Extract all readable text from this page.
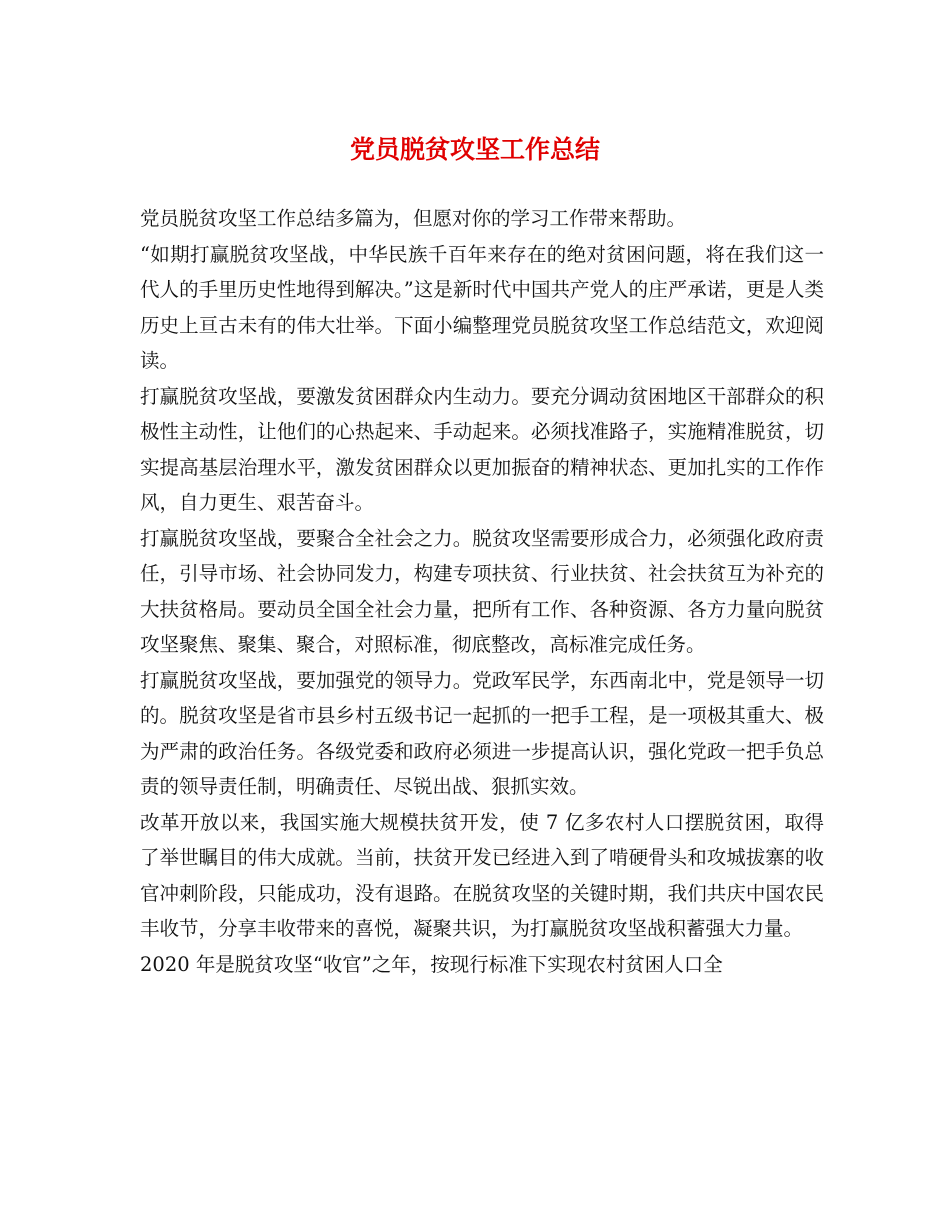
党员脱贫攻坚工作总结

党员脱贫攻坚工作总结多篇为，但愿对你的学习工作带来帮助。

“如期打赢脱贫攻坚战，中华民族千百年来存在的绝对贫困问题，将在我们这一代人的手里历史性地得到解决。”这是新时代中国共产党人的庄严承诺，更是人类历史上亘古未有的伟大壮举。下面小编整理党员脱贫攻坚工作总结范文，欢迎阅读。

打赢脱贫攻坚战，要激发贫困群众内生动力。要充分调动贫困地区干部群众的积极性主动性，让他们的心热起来、手动起来。必须找准路子，实施精准脱贫，切实提高基层治理水平，激发贫困群众以更加振奋的精神状态、更加扎实的工作作风，自力更生、艰苦奋斗。

打赢脱贫攻坚战，要聚合全社会之力。脱贫攻坚需要形成合力，必须强化政府责任，引导市场、社会协同发力，构建专项扶贫、行业扶贫、社会扶贫互为补充的大扶贫格局。要动员全国全社会力量，把所有工作、各种资源、各方力量向脱贫攻坚聚焦、聚集、聚合，对照标准，彻底整改，高标准完成任务。

打赢脱贫攻坚战，要加强党的领导力。党政军民学，东西南北中，党是领导一切的。脱贫攻坚是省市县乡村五级书记一起抓的一把手工程，是一项极其重大、极为严肃的政治任务。各级党委和政府必须进一步提高认识，强化党政一把手负总责的领导责任制，明确责任、尽锐出战、狠抓实效。

改革开放以来，我国实施大规模扶贫开发，使 7 亿多农村人口摆脱贫困，取得了举世瞩目的伟大成就。当前，扶贫开发已经进入到了啃硬骨头和攻城拔寨的收官冲刺阶段，只能成功，没有退路。在脱贫攻坚的关键时期，我们共庆中国农民丰收节，分享丰收带来的喜悦，凝聚共识，为打赢脱贫攻坚战积蓄强大力量。

2020 年是脱贫攻坚“收官”之年，按现行标准下实现农村贫困人口全
